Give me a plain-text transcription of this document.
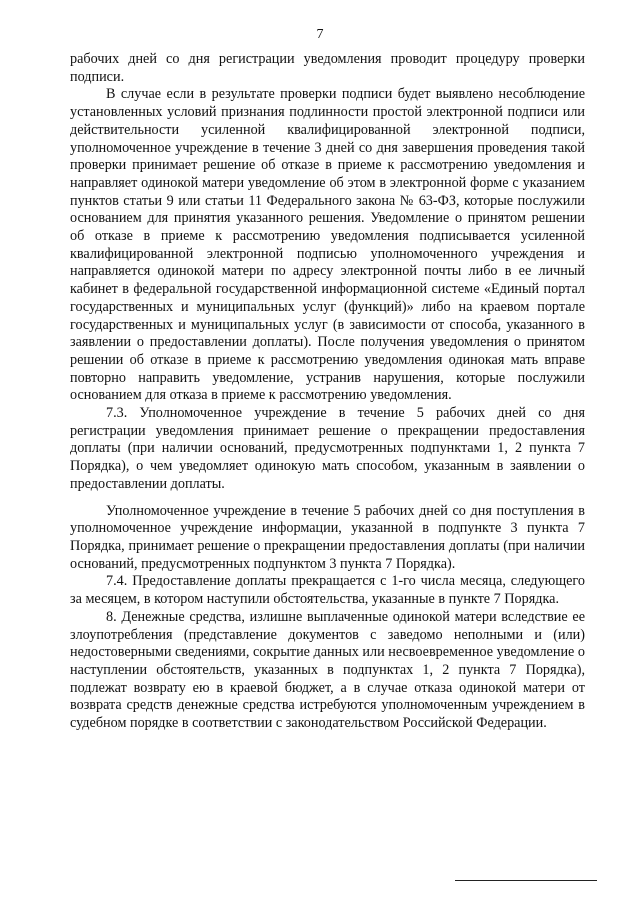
7

рабочих дней со дня регистрации уведомления проводит процедуру проверки подписи.

В случае если в результате проверки подписи будет выявлено несоблюдение установленных условий признания подлинности простой электронной подписи или действительности усиленной квалифицированной электронной подписи, уполномоченное учреждение в течение 3 дней со дня завершения проведения такой проверки принимает решение об отказе в приеме к рассмотрению уведомления и направляет одинокой матери уведомление об этом в электронной форме с указанием пунктов статьи 9 или статьи 11 Федерального закона № 63-ФЗ, которые послужили основанием для принятия указанного решения. Уведомление о принятом решении об отказе в приеме к рассмотрению уведомления подписывается усиленной квалифицированной электронной подписью уполномоченного учреждения и направляется одинокой матери по адресу электронной почты либо в ее личный кабинет в федеральной государственной информационной системе «Единый портал государственных и муниципальных услуг (функций)» либо на краевом портале государственных и муниципальных услуг (в зависимости от способа, указанного в заявлении о предоставлении доплаты). После получения уведомления о принятом решении об отказе в приеме к рассмотрению уведомления одинокая мать вправе повторно направить уведомление, устранив нарушения, которые послужили основанием для отказа в приеме к рассмотрению уведомления.

7.3. Уполномоченное учреждение в течение 5 рабочих дней со дня регистрации уведомления принимает решение о прекращении предоставления доплаты (при наличии оснований, предусмотренных подпунктами 1, 2 пункта 7 Порядка), о чем уведомляет одинокую мать способом, указанным в заявлении о предоставлении доплаты.

Уполномоченное учреждение в течение 5 рабочих дней со дня поступления в уполномоченное учреждение информации, указанной в подпункте 3 пункта 7 Порядка, принимает решение о прекращении предоставления доплаты (при наличии оснований, предусмотренных подпунктом 3 пункта 7 Порядка).

7.4. Предоставление доплаты прекращается с 1-го числа месяца, следующего за месяцем, в котором наступили обстоятельства, указанные в пункте 7 Порядка.

8. Денежные средства, излишне выплаченные одинокой матери вследствие ее злоупотребления (представление документов с заведомо неполными и (или) недостоверными сведениями, сокрытие данных или несвоевременное уведомление о наступлении обстоятельств, указанных в подпунктах 1, 2 пункта 7 Порядка), подлежат возврату ею в краевой бюджет, а в случае отказа одинокой матери от возврата средств денежные средства истребуются уполномоченным учреждением в судебном порядке в соответствии с законодательством Российской Федерации.
